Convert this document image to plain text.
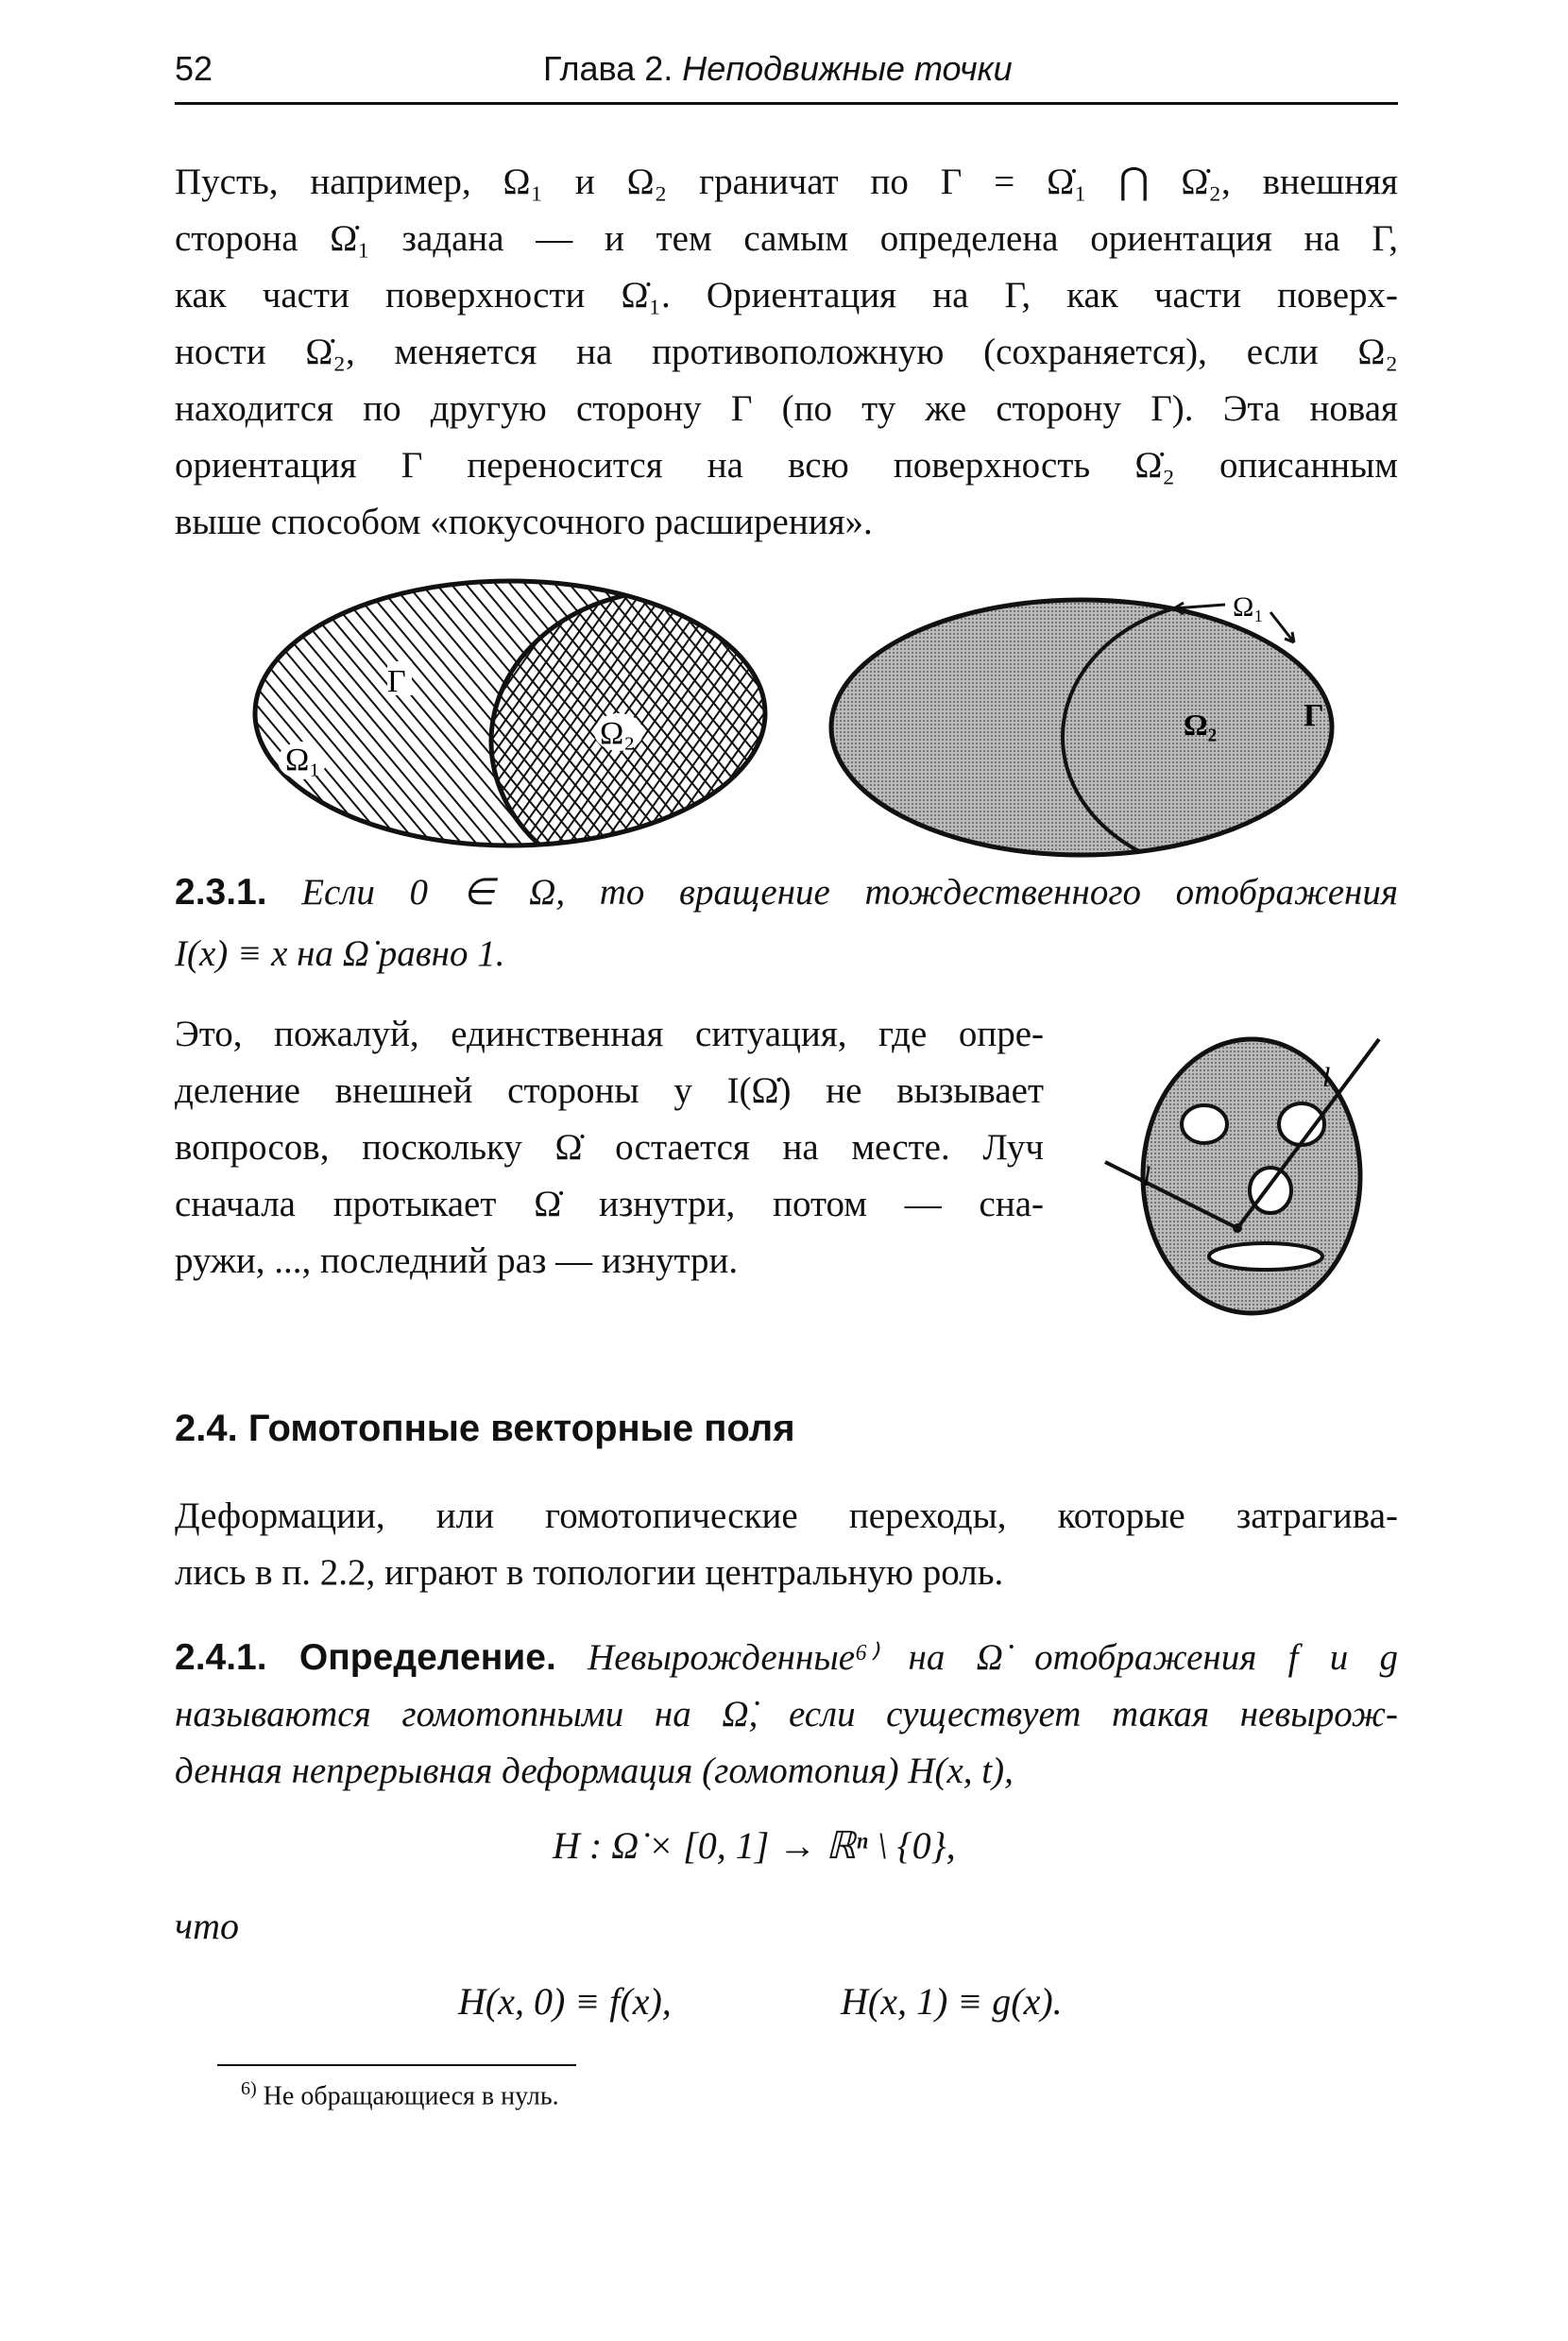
52	Глава 2. Неподвижные точки
Пусть, например, Ω₁ и Ω₂ граничат по Γ = Ω̇₁ ⋂ Ω̇₂, внешняя
сторона Ω̇₁ задана — и тем самым определена ориентация на Γ,
как части поверхности Ω̇₁. Ориентация на Γ, как части поверх-
ности Ω̇₂, меняется на противоположную (сохраняется), если Ω₂
находится по другую сторону Γ (по ту же сторону Γ). Эта новая
ориентация Γ переносится на всю поверхность Ω̇₂ описанным
выше способом «покусочного расширения».
Ω₁
Γ
Ω₂	Ω₂	Γ
Ω₁
2.3.1. Если 0 ∈ Ω, то вращение тождественного отображения
I(x) ≡ x на Ω̇ равно 1.
Это, пожалуй, единственная ситуация, где опре-
деление внешней стороны у I(Ω̇) не вызывает
вопросов, поскольку Ω̇ остается на месте. Луч
сначала протыкает Ω̇ изнутри, потом — сна-
ружи, ..., последний раз — изнутри.
l
l
2.4. Гомотопные векторные поля
Деформации, или гомотопические переходы, которые затрагива-
лись в п. 2.2, играют в топологии центральную роль.
2.4.1. Определение. Невырожденные⁶⁾ на Ω̇ отображения f и g
называются гомотопными на Ω̇, если существует такая невырож-
денная непрерывная деформация (гомотопия) H(x, t),
H : Ω̇ × [0, 1] → ℝⁿ \ {0},
что
H(x, 0) ≡ f(x),	H(x, 1) ≡ g(x).
$^{6)}$ Не обращающиеся в нуль.
